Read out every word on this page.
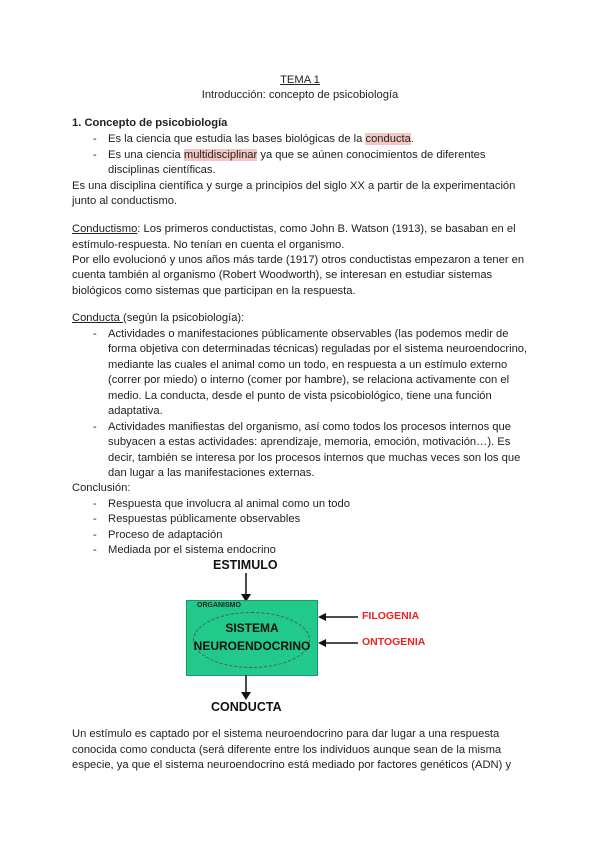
TEMA 1
Introducción: concepto de psicobiología
1. Concepto de psicobiología
- Es la ciencia que estudia las bases biológicas de la conducta.
- Es una ciencia multidisciplinar ya que se aúnen conocimientos de diferentes
disciplinas científicas.
Es una disciplina científica y surge a principios del siglo XX a partir de la experimentación
junto al conductismo.
Conductismo: Los primeros conductistas, como John B. Watson (1913), se basaban en el
estímulo-respuesta. No tenían en cuenta el organismo.
Por ello evolucionó y unos años más tarde (1917) otros conductistas empezaron a tener en
cuenta también al organismo (Robert Woodworth), se interesan en estudiar sistemas
biológicos como sistemas que participan en la respuesta.
Conducta (según la psicobiología):
- Actividades o manifestaciones públicamente observables (las podemos medir de
forma objetiva con determinadas técnicas) reguladas por el sistema neuroendocrino,
mediante las cuales el animal como un todo, en respuesta a un estímulo externo
(correr por miedo) o interno (comer por hambre), se relaciona activamente con el
medio. La conducta, desde el punto de vista psicobiológico, tiene una función
adaptativa.
- Actividades manifiestas del organismo, así como todos los procesos internos que
subyacen a estas actividades: aprendizaje, memoria, emoción, motivación…). Es
decir, también se interesa por los procesos internos que muchas veces son los que
dan lugar a las manifestaciones externas.
Conclusión:
- Respuesta que involucra al animal como un todo
- Respuestas públicamente observables
- Proceso de adaptación
- Mediada por el sistema endocrino
ESTIMULO
ORGANISMO
SISTEMA
NEUROENDOCRINO
FILOGENIA
ONTOGENIA
CONDUCTA
Un estímulo es captado por el sistema neuroendocrino para dar lugar a una respuesta
conocida como conducta (será diferente entre los individuos aunque sean de la misma
especie, ya que el sistema neuroendocrino está mediado por factores genéticos (ADN) y
